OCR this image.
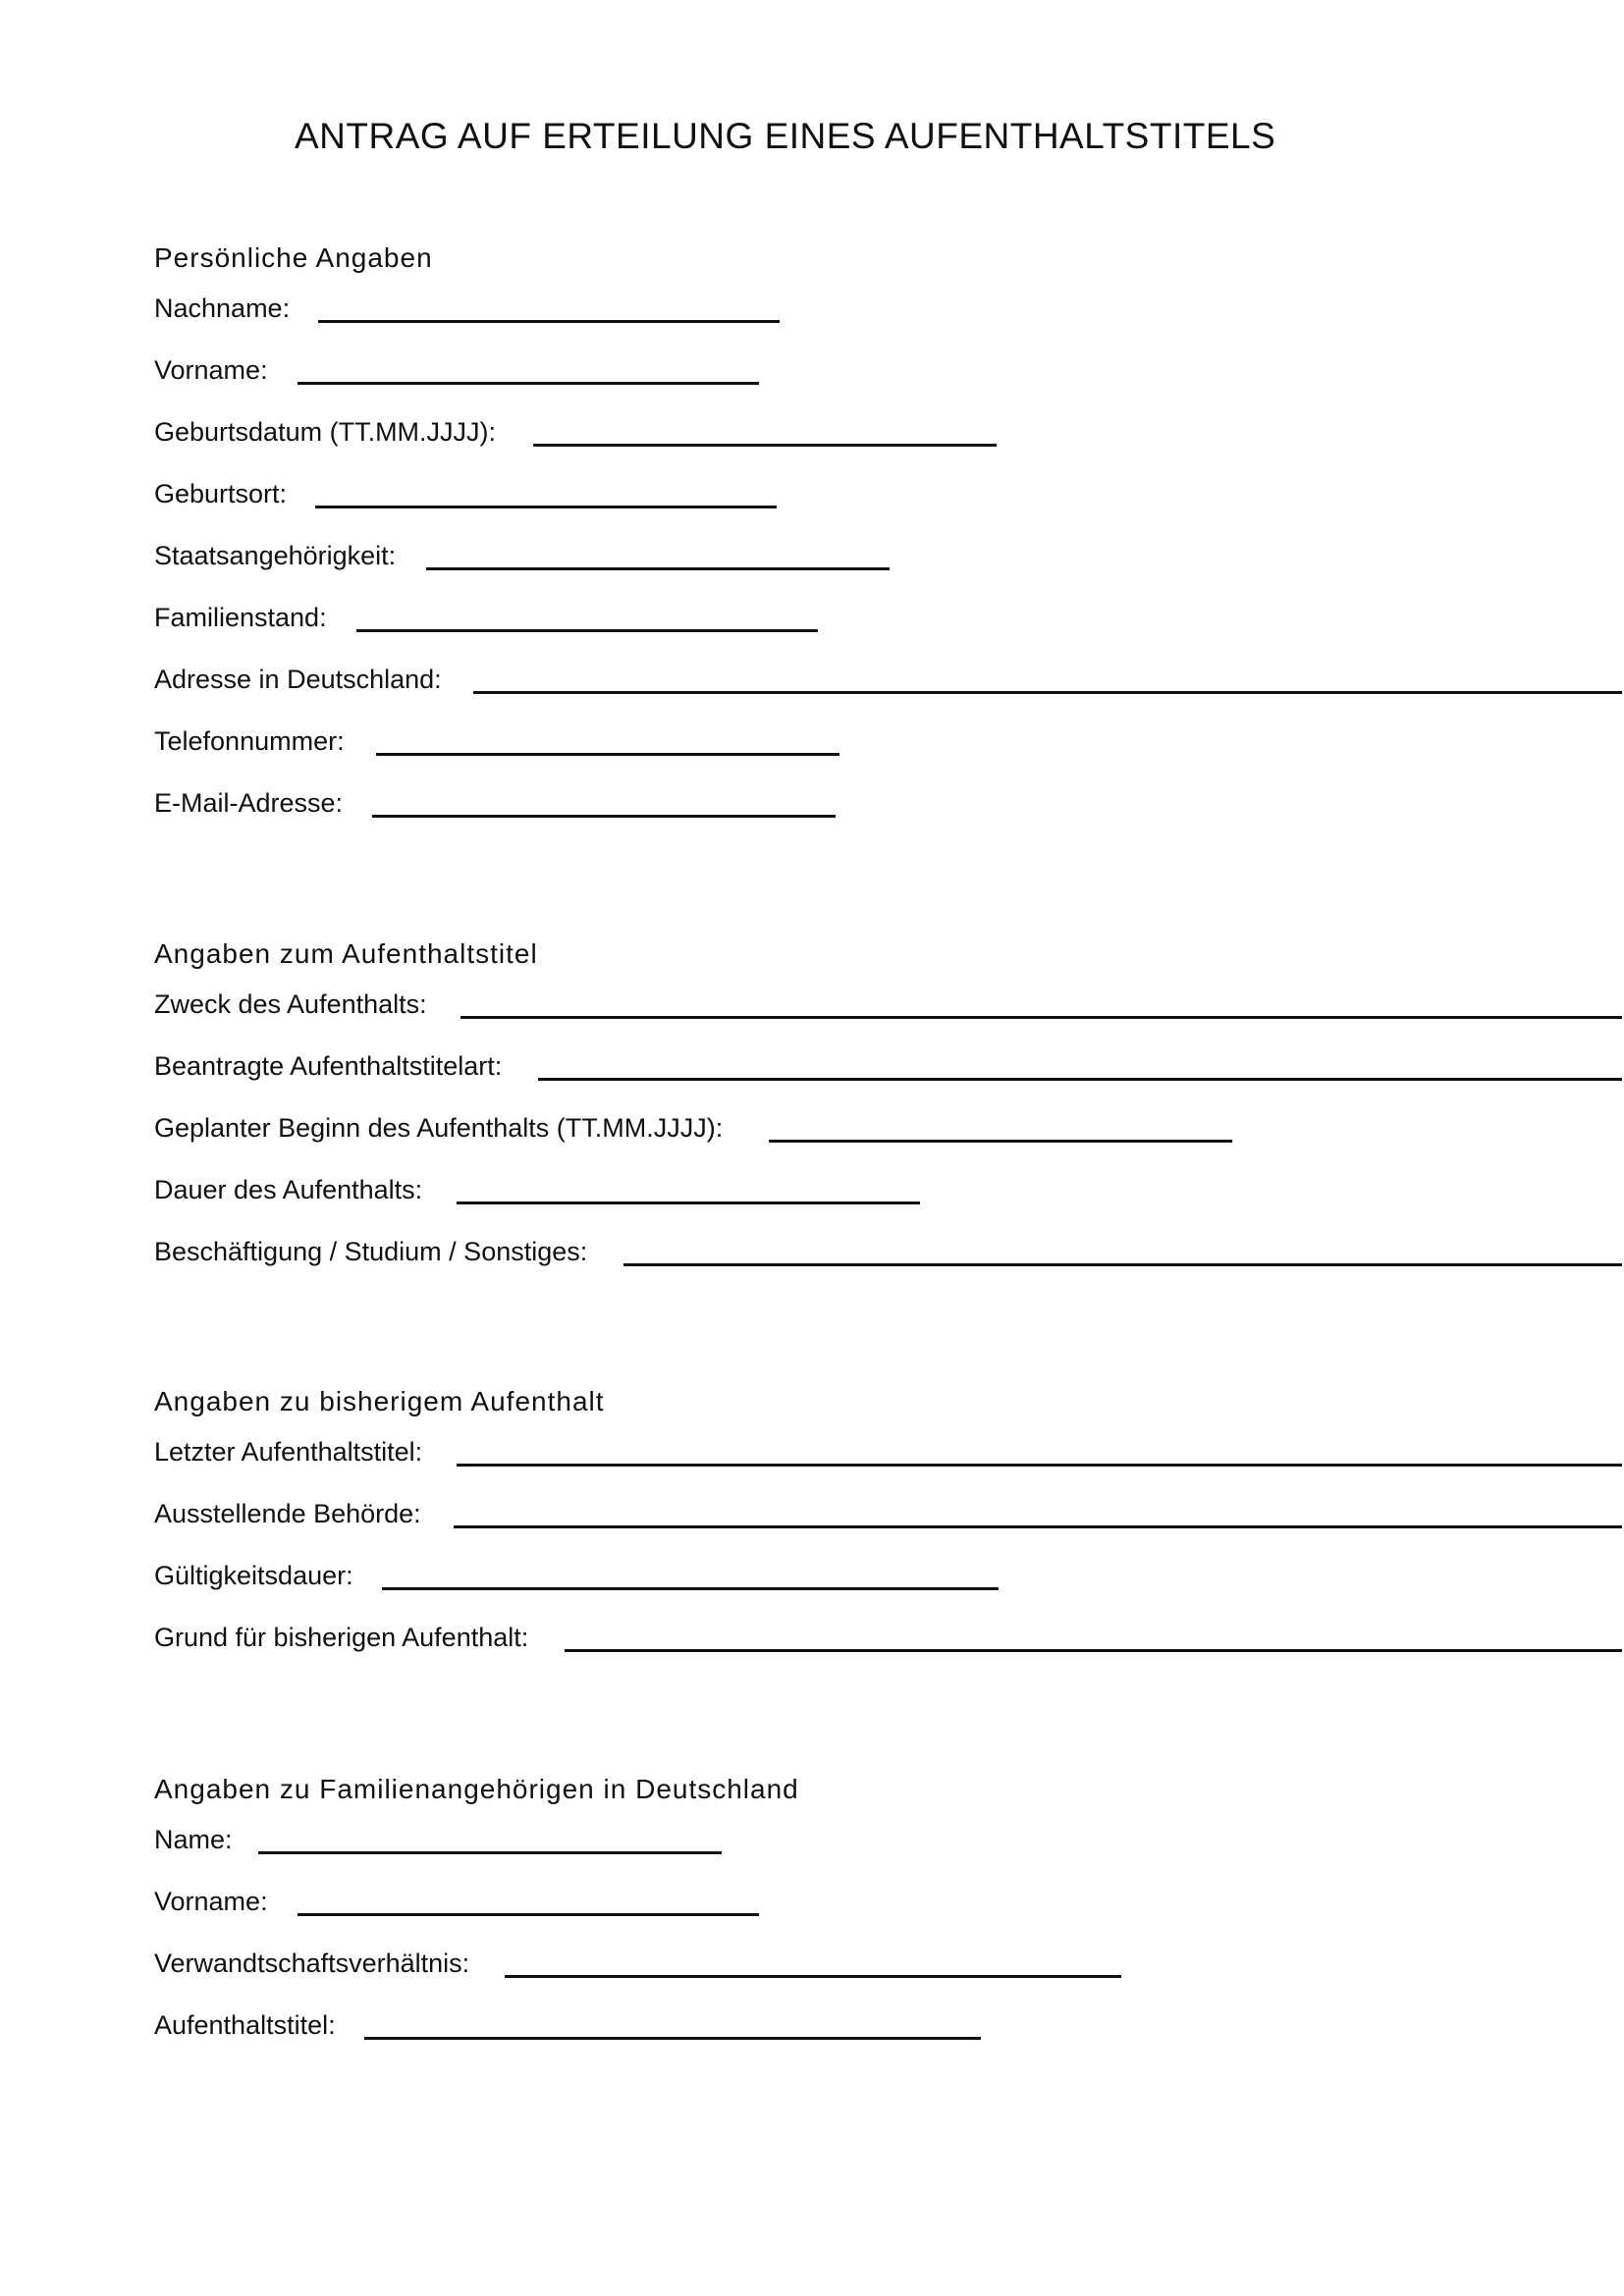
ANTRAG AUF ERTEILUNG EINES AUFENTHALTSTITELS
Persönliche Angaben
Nachname:
Vorname:
Geburtsdatum (TT.MM.JJJJ):
Geburtsort:
Staatsangehörigkeit:
Familienstand:
Adresse in Deutschland:
Telefonnummer:
E-Mail-Adresse:
Angaben zum Aufenthaltstitel
Zweck des Aufenthalts:
Beantragte Aufenthaltstitelart:
Geplanter Beginn des Aufenthalts (TT.MM.JJJJ):
Dauer des Aufenthalts:
Beschäftigung / Studium / Sonstiges:
Angaben zu bisherigem Aufenthalt
Letzter Aufenthaltstitel:
Ausstellende Behörde:
Gültigkeitsdauer:
Grund für bisherigen Aufenthalt:
Angaben zu Familienangehörigen in Deutschland
Name:
Vorname:
Verwandtschaftsverhältnis:
Aufenthaltstitel:
